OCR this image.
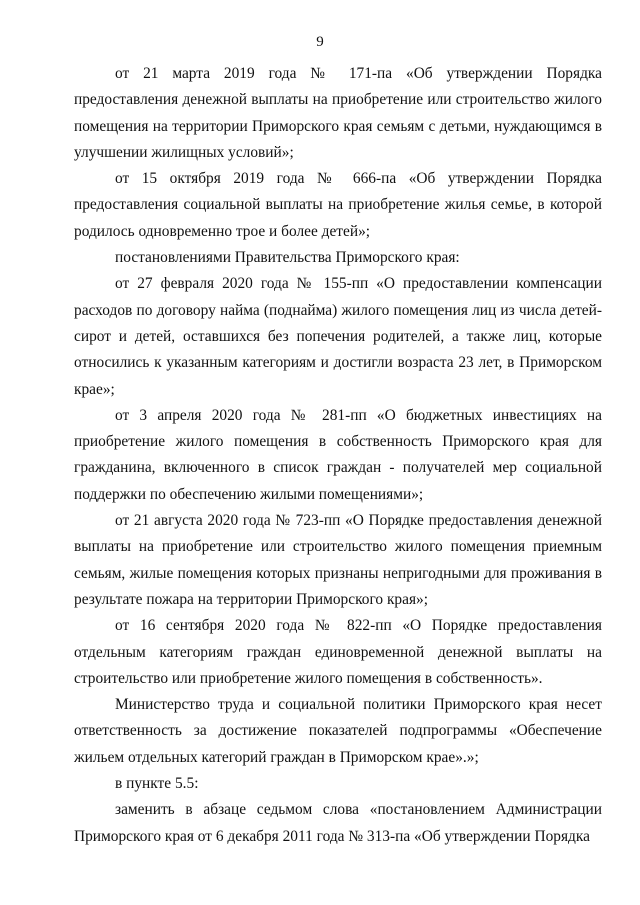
9

от 21 марта 2019 года № 171-па «Об утверждении Порядка предоставления денежной выплаты на приобретение или строительство жилого помещения на территории Приморского края семьям с детьми, нуждающимся в улучшении жилищных условий»;

от 15 октября 2019 года № 666-па «Об утверждении Порядка предоставления социальной выплаты на приобретение жилья семье, в которой родилось одновременно трое и более детей»;

постановлениями Правительства Приморского края:

от 27 февраля 2020 года № 155-пп «О предоставлении компенсации расходов по договору найма (поднайма) жилого помещения лиц из числа детей-сирот и детей, оставшихся без попечения родителей, а также лиц, которые относились к указанным категориям и достигли возраста 23 лет, в Приморском крае»;

от 3 апреля 2020 года № 281-пп «О бюджетных инвестициях на приобретение жилого помещения в собственность Приморского края для гражданина, включенного в список граждан - получателей мер социальной поддержки по обеспечению жилыми помещениями»;

от 21 августа 2020 года № 723-пп «О Порядке предоставления денежной выплаты на приобретение или строительство жилого помещения приемным семьям, жилые помещения которых признаны непригодными для проживания в результате пожара на территории Приморского края»;

от 16 сентября 2020 года № 822-пп «О Порядке предоставления отдельным категориям граждан единовременной денежной выплаты на строительство или приобретение жилого помещения в собственность».

Министерство труда и социальной политики Приморского края несет ответственность за достижение показателей подпрограммы «Обеспечение жильем отдельных категорий граждан в Приморском крае».»;

в пункте 5.5:

заменить в абзаце седьмом слова «постановлением Администрации Приморского края от 6 декабря 2011 года № 313-па «Об утверждении Порядка
